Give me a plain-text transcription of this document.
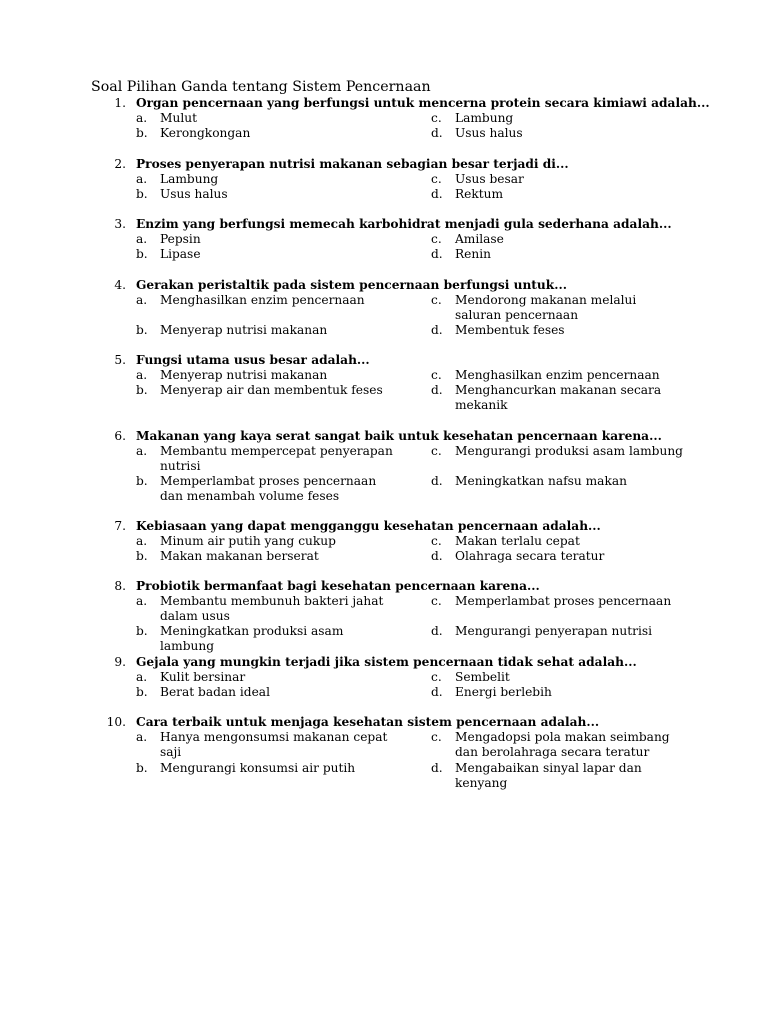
Soal Pilihan Ganda tentang Sistem Pencernaan
1. Organ pencernaan yang berfungsi untuk mencerna protein secara kimiawi adalah...
a. Mulut
b. Kerongkongan
c. Lambung
d. Usus halus
2. Proses penyerapan nutrisi makanan sebagian besar terjadi di...
a. Lambung
b. Usus halus
c. Usus besar
d. Rektum
3. Enzim yang berfungsi memecah karbohidrat menjadi gula sederhana adalah...
a. Pepsin
b. Lipase
c. Amilase
d. Renin
4. Gerakan peristaltik pada sistem pencernaan berfungsi untuk...
a. Menghasilkan enzim pencernaan
b. Menyerap nutrisi makanan
c. Mendorong makanan melalui saluran pencernaan
d. Membentuk feses
5. Fungsi utama usus besar adalah...
a. Menyerap nutrisi makanan
b. Menyerap air dan membentuk feses
c. Menghasilkan enzim pencernaan
d. Menghancurkan makanan secara mekanik
6. Makanan yang kaya serat sangat baik untuk kesehatan pencernaan karena...
a. Membantu mempercepat penyerapan nutrisi
b. Memperlambat proses pencernaan dan menambah volume feses
c. Mengurangi produksi asam lambung
d. Meningkatkan nafsu makan
7. Kebiasaan yang dapat mengganggu kesehatan pencernaan adalah...
a. Minum air putih yang cukup
b. Makan makanan berserat
c. Makan terlalu cepat
d. Olahraga secara teratur
8. Probiotik bermanfaat bagi kesehatan pencernaan karena...
a. Membantu membunuh bakteri jahat dalam usus
b. Meningkatkan produksi asam lambung
c. Memperlambat proses pencernaan
d. Mengurangi penyerapan nutrisi
9. Gejala yang mungkin terjadi jika sistem pencernaan tidak sehat adalah...
a. Kulit bersinar
b. Berat badan ideal
c. Sembelit
d. Energi berlebih
10. Cara terbaik untuk menjaga kesehatan sistem pencernaan adalah...
a. Hanya mengonsumsi makanan cepat saji
b. Mengurangi konsumsi air putih
c. Mengadopsi pola makan seimbang dan berolahraga secara teratur
d. Mengabaikan sinyal lapar dan kenyang
